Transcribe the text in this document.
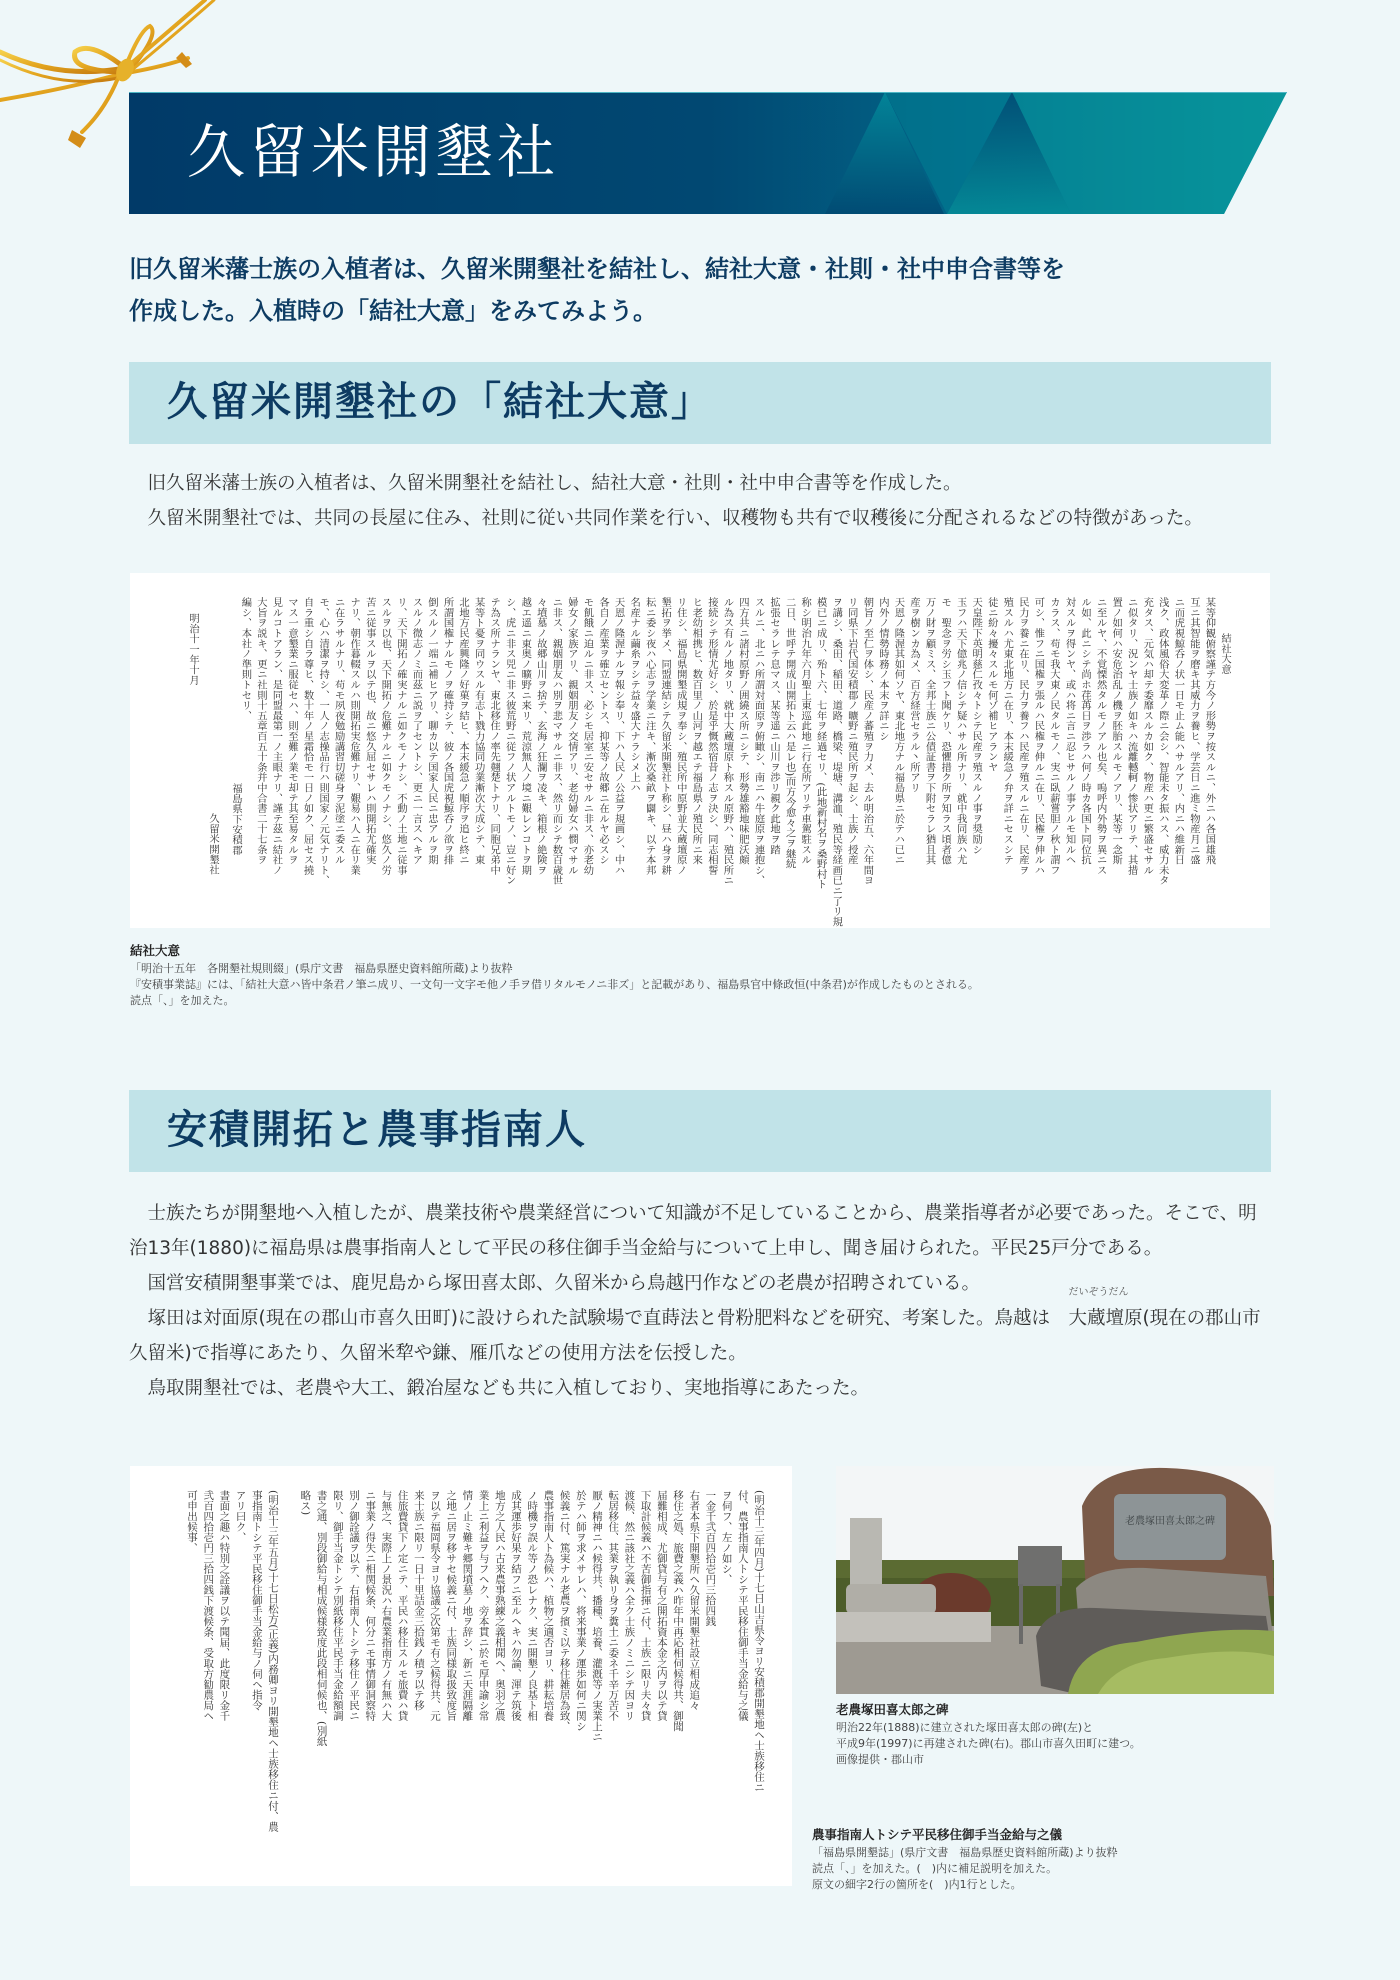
久留米開墾社
旧久留米藩士族の入植者は、久留米開墾社を結社し、結社大意・社則・社中申合書等を
作成した。入植時の「結社大意」をみてみよう。
久留米開墾社の「結社大意」

旧久留米藩士族の入植者は、久留米開墾社を結社し、結社大意・社則・社中申合書等を作成した。

久留米開墾社では、共同の長屋に住み、社則に従い共同作業を行い、収穫物も共有で収穫後に分配されるなどの特徴があった。

結社大意
某等仰観俯察謹テ方今ノ形勢ヲ按スルニ、外ニハ各国雄飛
互ニ其智能ヲ磨キ其威力ヲ養ヒ、学芸日ニ進ミ物産月ニ盛
ニ而虎視鯨呑ノ状一日モ止ム能ハサルアリ、内ニハ維新日
浅ク、政体風俗大変革ノ際ニ会シ、智能未タ振ハス、威力未タ
充タス、元気ハ却テ委靡スルカ如ク、物産ハ更ニ繁盛セサル
ニ似タリ、況ンヤ士族ノ如キハ流離轗軻ノ惨状アリテ、其措
置ノ如何ハ安危治乱ノ機ヲ胚胎スルモノアリ、某等一念斯
ニ至ルヤ、不覚慄然タルモノアル也矣、嗚呼内外勢ヲ異ニス
ル如、此ニシテ尚ホ荏苒日ヲ渉ラハ何ノ時カ各国ト同位抗
対スルヲ得ンヤ、或ハ将ニ言ニ忍ヒサルノ事アルモ知ルヘ
カラス、苟モ我大東ノ民タルモノ、実ニ臥薪嘗胆ノ秋ト謂フ
可シ、惟フニ国権ヲ張ルハ民権ヲ伸ルニ在リ、民権ヲ伸ルハ
民力ヲ養ニ在リ、民力ヲ養フハ民産ヲ殖スルニ在リ、民産ヲ
殖スルハ尤東北地方ニ在リ、本末緩急ノ弁ヲ詳ニセスシテ
徒ニ紛々擾々スルモ何ゾ補ヒアランヤ
天皇陛下英明慈仁孜々トシテ民産ヲ殖スルノ事ヲ奨励シ
玉フハ天下億兆ノ信シテ疑ハサル所ナリ、就中我同族ハ尤
モ　聖念ヲ労シ玉フト聞ケリ、恐懼措ク所ヲ知ラス頃者億
万ノ財ヲ顧ミス、全邦士族ニ公債証書ヲ下附セラレ猶且其
産ヲ樹ンカ為メ、百方経営セラル丶所アリ
天恩ノ隆渥其如何ソヤ、東北地方ナル福島県ニ於テハ已ニ
内外ノ情勢時務ノ本末ヲ詳ニシ
朝旨ノ至仁ヲ体シ、民産ノ蕃殖ヲ力メ、去ル明治五、六年間ヨ
リ同県下岩代国安積郡ノ曠野ニ殖民所ヲ起シ、士族ノ授産
ヲ講シ、桑田、稲田、道路、橋梁、堤塘、溝洫、殖民等経画已ニ了リ規
模已ニ成リ、殆ト六、七年ヲ経過セリ、(此地新村名ヲ桑野村ト
称シ明治九年六月聖上東巡此地ニ行在所アリテ車駕駐スル
二日、世呼テ開成山開拓ト云ハ是レ也)而方今愈々之ヲ継続
拡張セラレテ息マス、某等遥ニ山川ヲ渉リ親ク此地ヲ踏
スルニ、北ニハ所謂対面原ヲ俯瞰シ、南ニハ牛庭原ヲ連抱シ、
四方共ニ諸村原野ノ囲繞ス所ニシテ、形勢雄豁地味肥沃頗
ル為ス有ルノ地タリ、就中大蔵壇原ト称スル原野ハ、殖民所ニ
接続シテ形情尤好シ、於是乎慨然宿昔ノ志ヲ決シ、同志相誓
ヒ老幼相携ヒ、数百里ノ山河ヲ越エテ福島県ノ殖民所ニ来
リ住シ、福島県開墾成規ヲ奉シ、殖民所中原野並大蔵壇原ノ
墾拓ヲ挙メ、同盟連結シテ久留米開墾社ト称シ、昼ハ身ヲ耕
耘ニ委シ夜ハ心志ヲ学業ニ注キ、漸次桑畝ヲ闢キ、以テ本邦
名産ナル繭糸ヲシテ益々盛大ナラシメ上ハ
天恩ノ隆渥ナルヲ報シ奉リ、下ハ人民ノ公益ヲ規画シ、中ハ
各自ノ産業ヲ確立セントス、抑某等ノ故郷ニ在ルヤ必スシ
モ飢餓ニ迫ルニ非ス、必シモ居室ニ安セサルニ非ス、亦老幼
婦女ノ家族アリ、親姻朋友ノ交情アリ、老幼婦女ハ憫マサル
ニ非ス、親姻朋友ハ別ヲ悲マサルニ非ス、然リ而シテ数百歳世
々墳墓ノ故郷山川ヲ捨テ、玄海ノ狂瀾ヲ凌キ、箱根ノ絶険ヲ
越エ遥ニ東奥ノ曠野ニ来リ、荒涼無人ノ境ニ艱レンコトヲ期
シ、虎ニ非ス兕ニ非ス彼荒野ニ従フノ状アルトモノ、豈ニ好ン
テ為ス所ナランヤ、東北移住ノ率先翹楚トナリ、同胞兄弟中
某等ト憂ヲ同ウスル有志ト戮力協同功業漸次大成シテ、東
北地方民産興隆ノ好菓ヲ結ヒ、本末緩急ノ順序ヲ追ヒ終ニ
所謂国権ナルモノヲ確持シテ、彼ノ各国虎視鯨呑ノ欲ヲ排
倒スルノ一端ニ補ヒアリ、聊カ以テ国家人民ニ忠アルヲ期
スルノ微志ノミ而茲ニ説ヲ了セントシ、更ニ一言スヘキア
リ、天下開拓ノ確実ナルニ如クモノナシ、不動ノ土地ニ従事
スルヲ以也、天下開拓ノ危難ナルニ如クモノナシ、悠久ノ労
苦ニ従事スルヲ以テ也、故ニ悠久屈セサレハ則開拓尤確実
ナリ、朝作暮輟スルハ則開拓実危難ナリ、艱易ハ人ニ在リ業
ニ在ラサルナリ、苟モ夙夜勉励講習切磋身ヲ泥塗ニ委スル
モ、心ハ清潔ヲ持シ、一人ノ志操品行ハ則国家ノ元気ナリト、
自ラ重シ自ラ尊ヒ、数十年ノ星霜恰モ一日ノ如ク、屈セス撓
マス一意墾業ニ服従セハ、則至難ノ業モ却テ其至易タルヲ
見ルコトアラン、是同盟最第一ノ主眼ナリ、謹テ茲ニ結社ノ
大旨ヲ説キ、更ニ社則十五章百五十条并中合書二十七条ヲ
編シ、本社ノ準則トセリ、
福島県下安積郡
久留米開墾社
明治十一年十月
結社大意
「明治十五年　各開墾社規則綴」(県庁文書　福島県歴史資料館所蔵)より抜粋
『安積事業誌』には、「結社大意ハ皆中条君ノ筆ニ成リ、一文句一文字モ他ノ手ヲ借リタルモノニ非ズ」と記載があり、福島県官中條政恒(中条君)が作成したものとされる。
読点「、」を加えた。
安積開拓と農事指南人

士族たちが開墾地へ入植したが、農業技術や農業経営について知識が不足していることから、農業指導者が必要であった。そこで、明治13年(1880)に福島県は農事指南人として平民の移住御手当金給与について上申し、聞き届けられた。平民25戸分である。

国営安積開墾事業では、鹿児島から塚田喜太郎、久留米から鳥越円作などの老農が招聘されている。

塚田は対面原(現在の郡山市喜久田町)に設けられた試験場で直蒔法と骨粉肥料などを研究、考案した。鳥越は
だいぞうだん
大蔵壇原(現在の郡山市久留米)で指導にあたり、久留米犂や鎌、雁爪などの使用方法を伝授した。

鳥取開墾社では、老農や大工、鍛冶屋なども共に入植しており、実地指導にあたった。

(明治十三年四月)十七日山吉県令ヨリ安積郡開墾地ヘ士族移住ニ
付、農事指南人トシテ平民移住御手当金給与之儀
ヲ伺フ、左ノ如シ、
一金千弐百四拾壱円三拾四銭
右者本県下開墾所ヘ久留米開墾社設立相成追々
移住之処、旅費之義ハ昨年中再応相伺候得共、御聞
届難相成、尤御貸与有之開拓資本金之内ヲ以テ貸
下取計候義ハ不苦御指揮ニ付、士族ニ限リ夫々貸
渡候、然ニ該社之義ハ全ク士族ノミニシテ因ヨリ
転居移住、其業ヲ執リ身ヲ糞土ニ委ネ千辛万苦不
厭ノ精神ニハ候得共、播種、培養、灌漑等ノ実業上ニ
於テハ師ヲ求メサレハ、将来事業ノ運歩如何ニ関シ
候義ニ付、篤実ナル老農ヲ擯ミ以テ移住雑居為致、
農事指南人ト為候ハ、植物之適否ヨリ、耕耘培養
ノ時機ヲ誤ル等ノ恐レナク、実ニ開墾ノ良基ト相
成其運歩好果ヲ結フニ至ルヘキハ勿論、渾テ筑後
地方之人民ハ古来農事熟練之義相聞ヘ、奥羽之農
業上ニ利益ヲ与フヘク、旁本貫ニ於モ厚申諭シ常
情ノ止ミ難キ郷関墳墓ノ地ヲ辞シ、新ニ天涯隔離
之地ニ居ヲ移サセ候義ニ付、士族同様取扱致度旨
ヲ以テ福岡県令ヨリ協議之次第モ有之候得共、元
来士族ニ限リ一日十里詰金三拾銭ノ積ヲ以テ移
住旅費貸下ノ定ニテ、平民ハ移住スルモ旅費ハ貸
与無之、実際上ノ景況ハ右農業指南方ノ有無ハ大
ニ事業ノ得失ニ相関候条、何分ニモ事情御洞察特
別ノ御詮議ヲ以テ、右指南人トシテ移住ノ平民ニ
限リ、御手当金トシテ別紙移住平民手当金給額調
書之通、別段御給与相成候様致度此段相伺候也、(別紙
略ス)
(明治十三年五月)十七日松方(正義)内務卿ヨリ開墾地ヘ士族移住ニ付、農
事指南トシテ平民移住御手当金給与ノ伺ヘ指令
アリ曰ク、
書面之趣ハ特別之詮議ヲ以テ聞届、此度限リ金千
弐百四拾壱円三拾四銭下渡候条、受取方勧農局ヘ
可申出候事、	老農塚田喜太郎之碑
老農塚田喜太郎之碑
明治22年(1888)に建立された塚田喜太郎の碑(左)と
平成9年(1997)に再建された碑(右)。郡山市喜久田町に建つ。
画像提供・郡山市
農事指南人トシテ平民移住御手当金給与之儀
「福島県開墾誌」(県庁文書　福島県歴史資料館所蔵)より抜粋
読点「、」を加えた。(　)内に補足説明を加えた。
原文の細字2行の箇所を(　)内1行とした。
